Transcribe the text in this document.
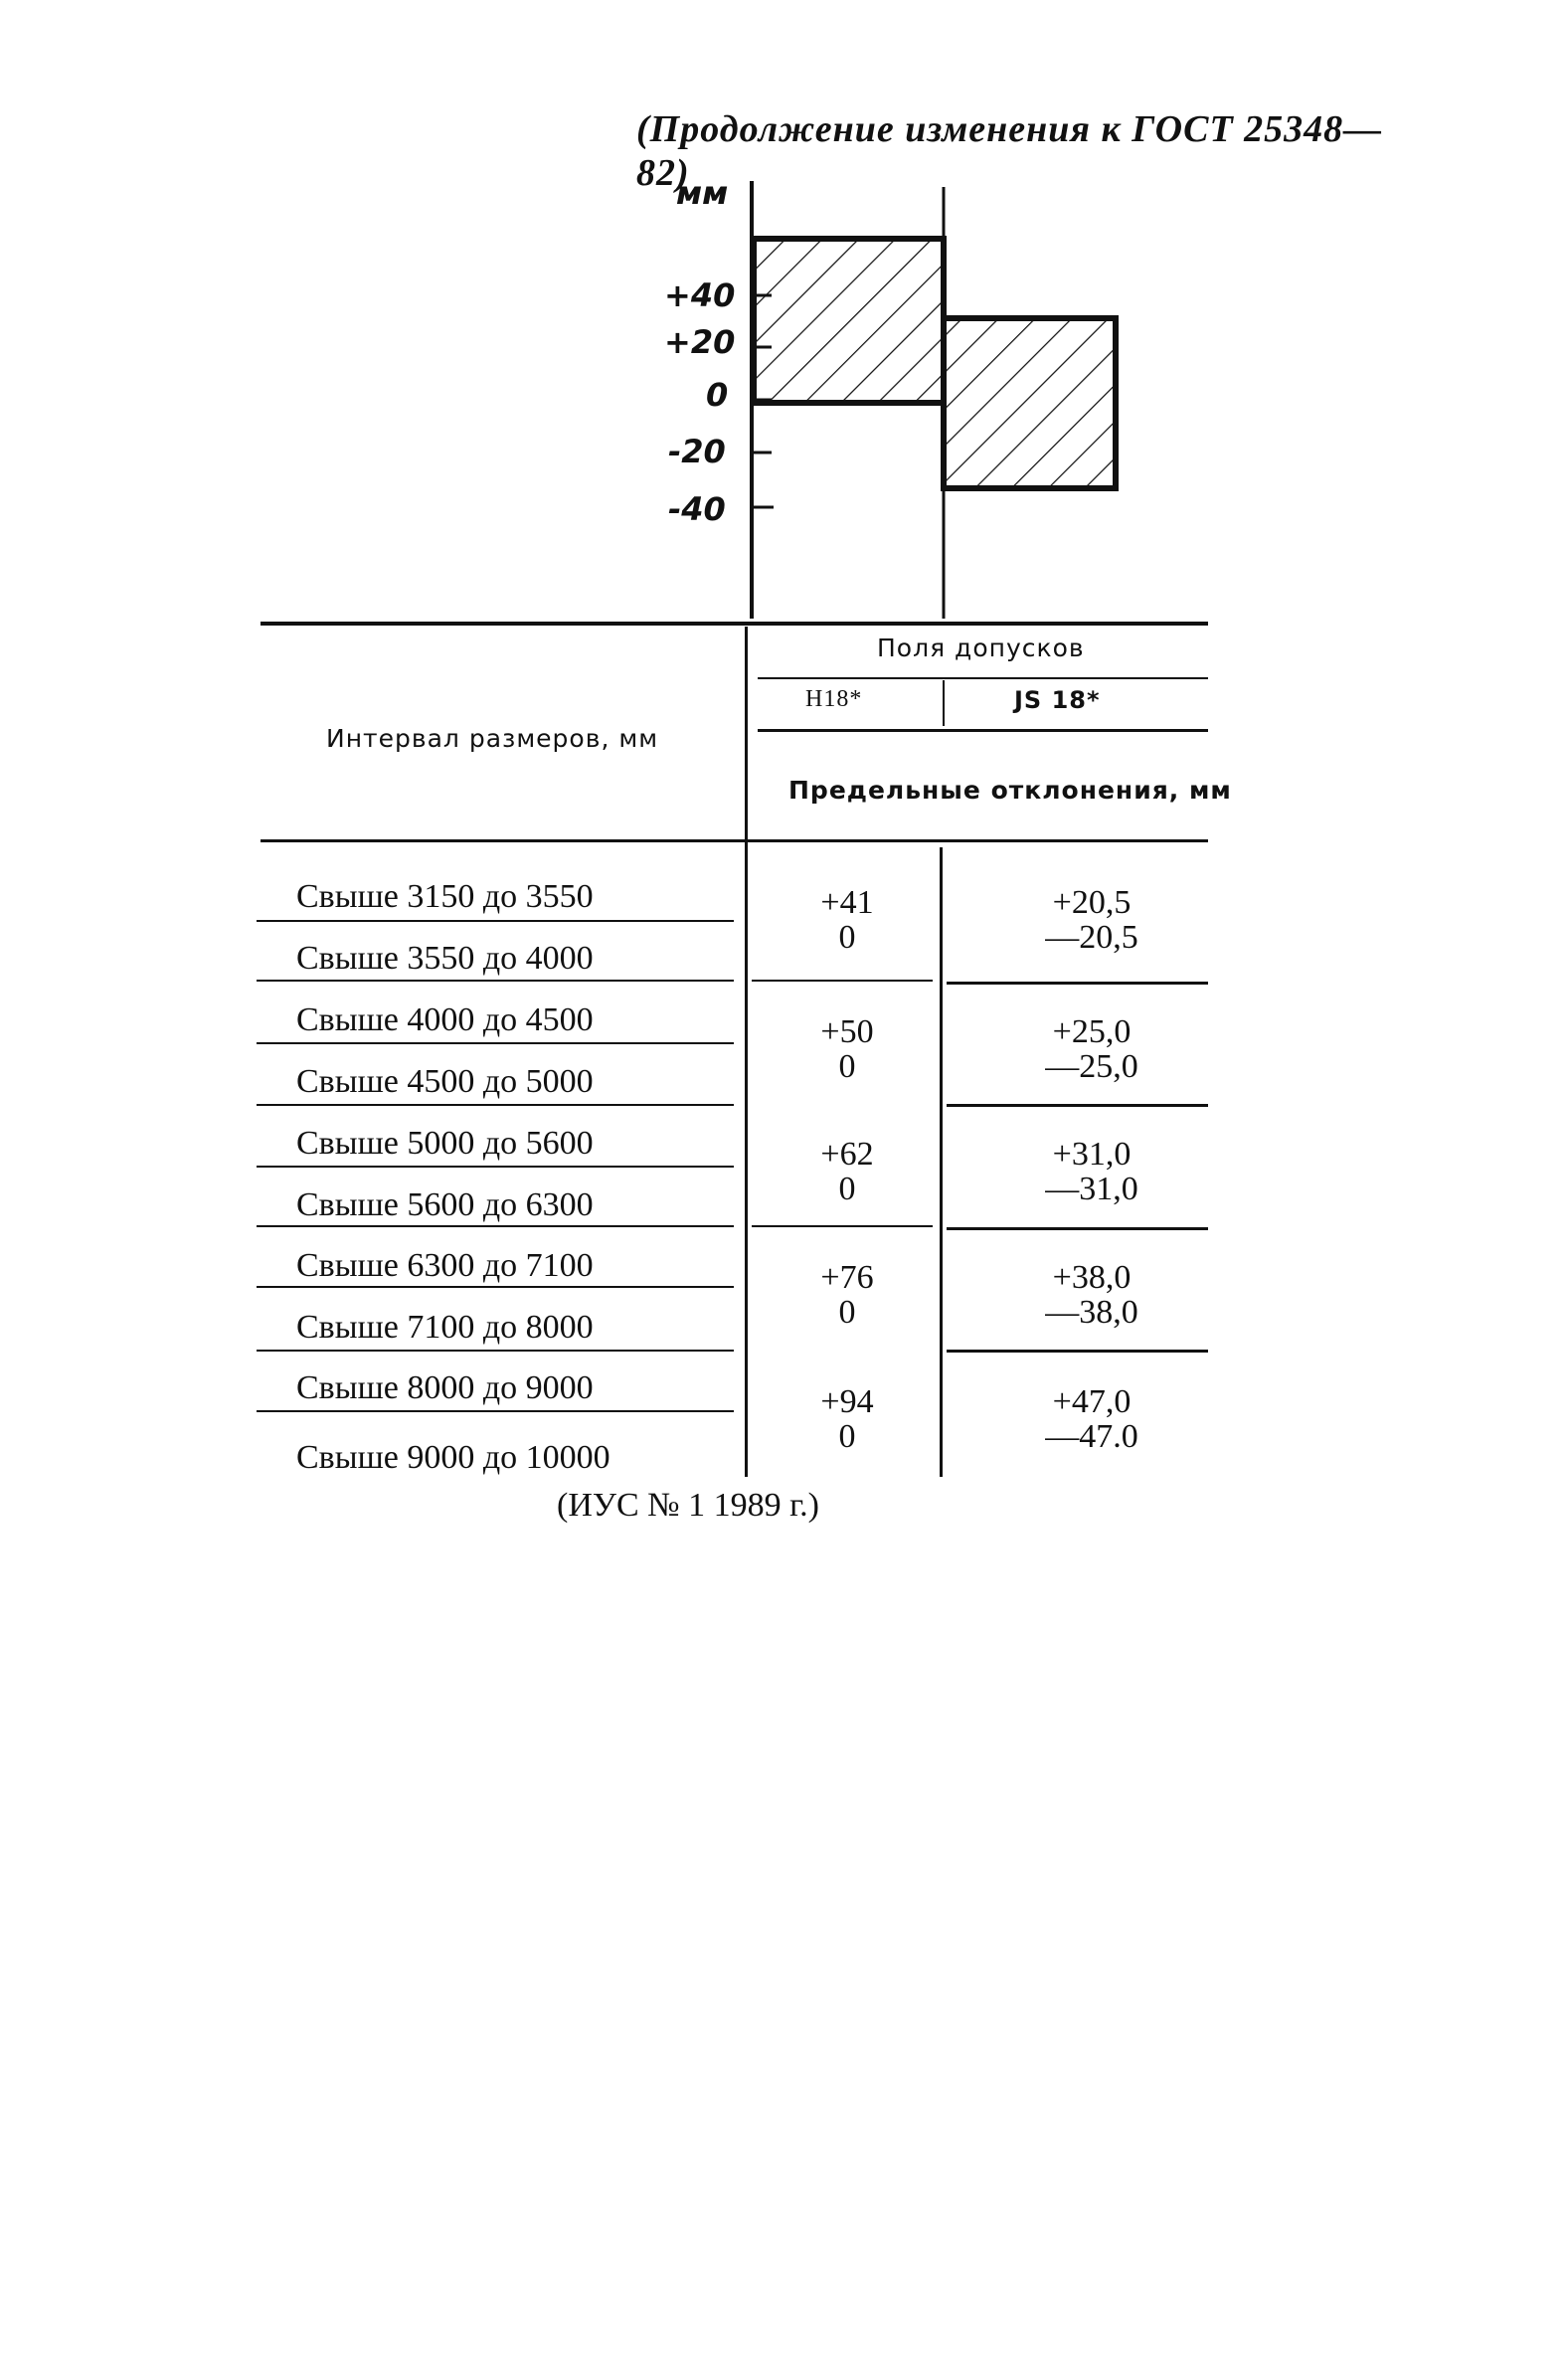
(Продолжение изменения к ГОСТ 25348—82)
мм
+40
+20
0
-20
-40
Интервал размеров, мм
Поля допусков
H18*	JS 18*
Предельные отклонения, мм
Свыше 3150 до 3550
Свыше 3550 до 4000
Свыше 4000 до 4500
Свыше 4500 до 5000
Свыше 5000 до 5600
Свыше 5600 до 6300
Свыше 6300 до 7100
Свыше 7100 до 8000
Свыше 8000 до 9000
Свыше 9000 до 10000
+41
0
+50
0
+62
0
+76
0
+94
0
+20,5
—20,5
+25,0
—25,0
+31,0
—31,0
+38,0
—38,0
+47,0
—47.0
(ИУС № 1 1989 г.)
